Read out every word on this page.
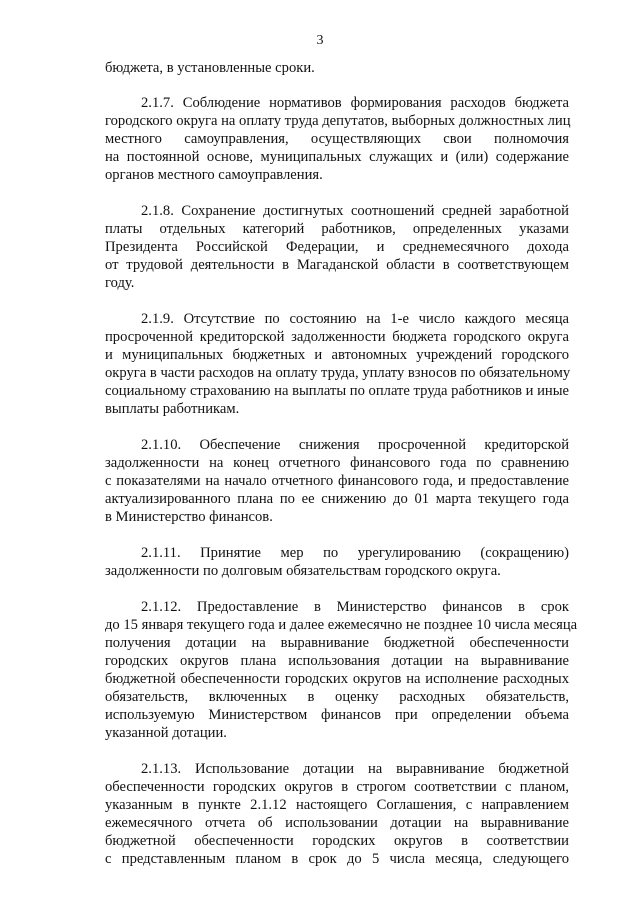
3
бюджета, в установленные сроки.
2.1.7. Соблюдение нормативов формирования расходов бюджета
городского округа на оплату труда депутатов, выборных должностных лиц
местного самоуправления, осуществляющих свои полномочия
на постоянной основе, муниципальных служащих и (или) содержание
органов местного самоуправления.
2.1.8. Сохранение достигнутых соотношений средней заработной
платы отдельных категорий работников, определенных указами
Президента Российской Федерации, и среднемесячного дохода
от трудовой деятельности в Магаданской области в соответствующем
году.
2.1.9. Отсутствие по состоянию на 1-е число каждого месяца
просроченной кредиторской задолженности бюджета городского округа
и муниципальных бюджетных и автономных учреждений городского
округа в части расходов на оплату труда, уплату взносов по обязательному
социальному страхованию на выплаты по оплате труда работников и иные
выплаты работникам.
2.1.10. Обеспечение снижения просроченной кредиторской
задолженности на конец отчетного финансового года по сравнению
с показателями на начало отчетного финансового года, и предоставление
актуализированного плана по ее снижению до 01 марта текущего года
в Министерство финансов.
2.1.11. Принятие мер по урегулированию (сокращению)
задолженности по долговым обязательствам городского округа.
2.1.12. Предоставление в Министерство финансов в срок
до 15 января текущего года и далее ежемесячно не позднее 10 числа месяца
получения дотации на выравнивание бюджетной обеспеченности
городских округов плана использования дотации на выравнивание
бюджетной обеспеченности городских округов на исполнение расходных
обязательств, включенных в оценку расходных обязательств,
используемую Министерством финансов при определении объема
указанной дотации.
2.1.13. Использование дотации на выравнивание бюджетной
обеспеченности городских округов в строгом соответствии с планом,
указанным в пункте 2.1.12 настоящего Соглашения, с направлением
ежемесячного отчета об использовании дотации на выравнивание
бюджетной обеспеченности городских округов в соответствии
с представленным планом в срок до 5 числа месяца, следующего
